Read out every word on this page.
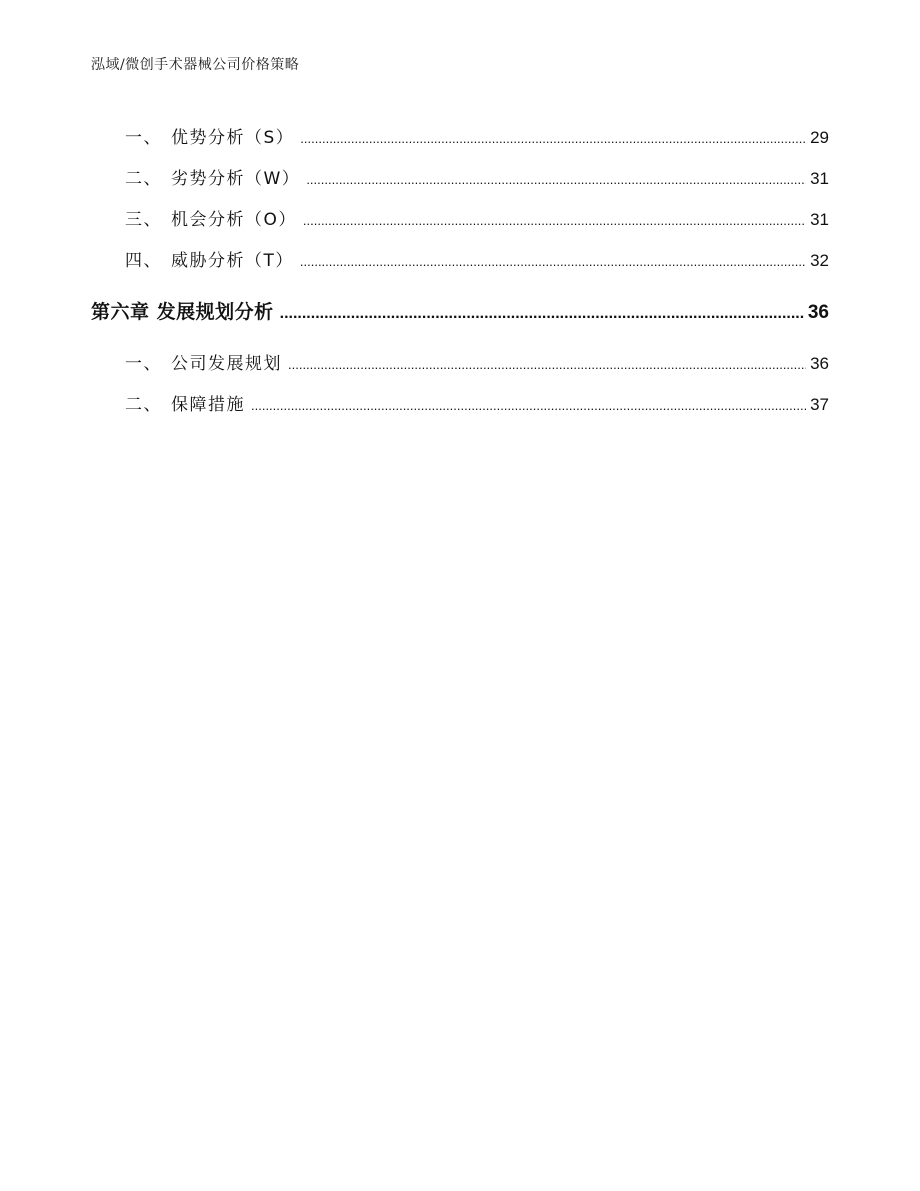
泓域/微创手术器械公司价格策略
一、 优势分析（S） .....	29
二、 劣势分析（W） .....	31
三、 机会分析（O） .....	31
四、 威胁分析（T） .....	32
第六章 发展规划分析 .....	36
一、 公司发展规划 .....	36
二、 保障措施 .....	37
